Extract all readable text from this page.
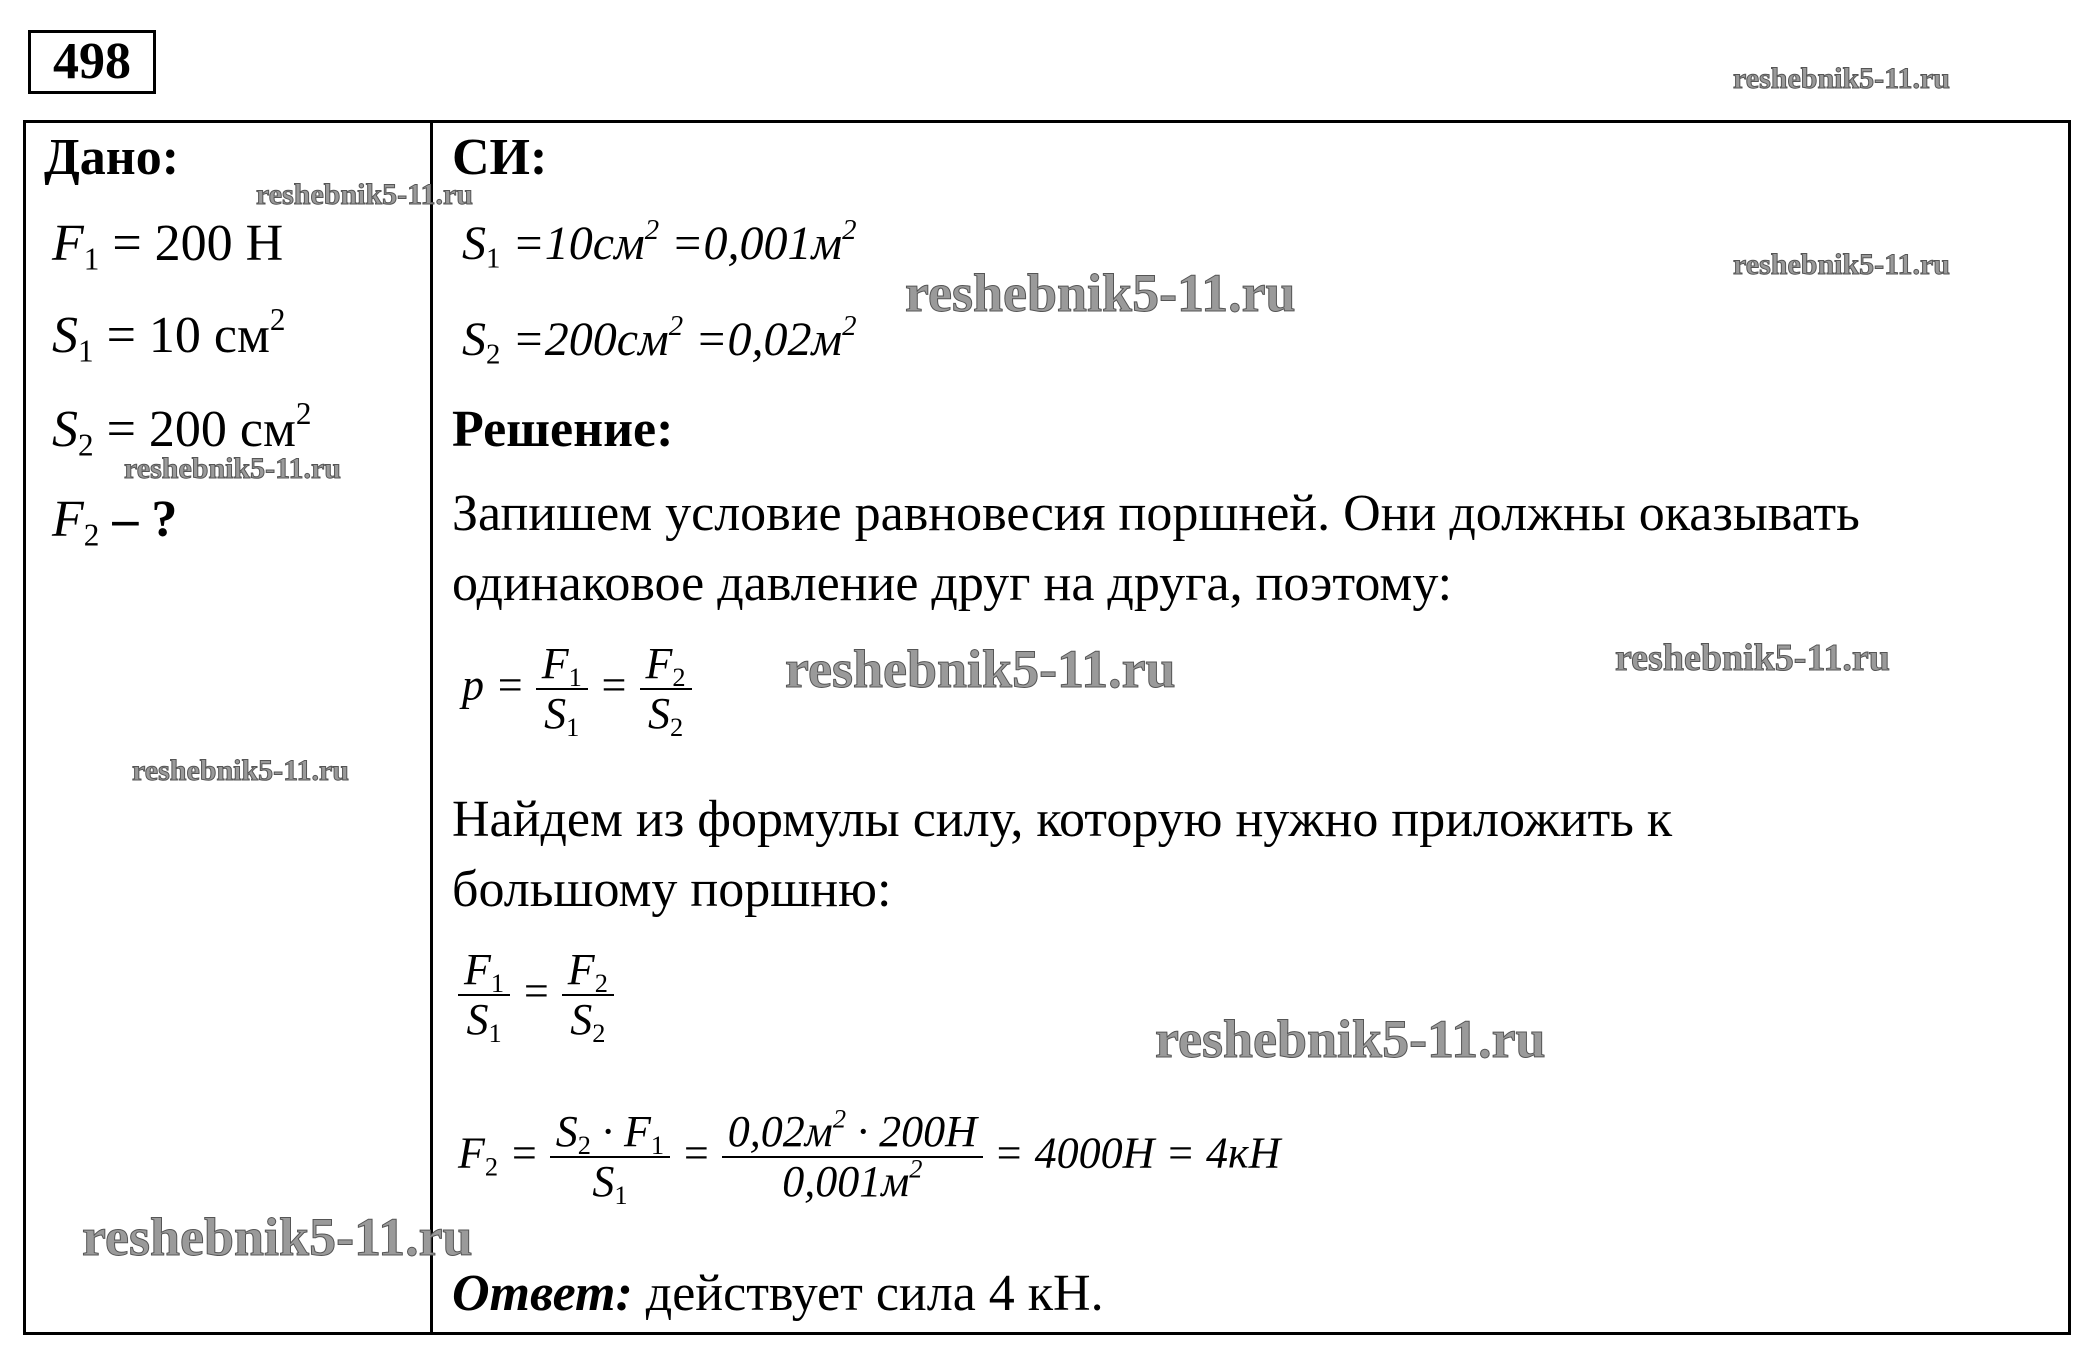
498
Дано:
$F_1 = 200$ Н
$S_1 = 10$ $см^2$
$S_2 = 200$ $см^2$
$F_2$ – ?
СИ:
$S_1 =10см^2 =0,001м^2$
$S_2 =200см^2 =0,02м^2$
Решение:
Запишем условие равновесия поршней. Они должны оказывать
одинаковое давление друг на друга, поэтому:
$p = \frac{F_1}{S_1} = \frac{F_2}{S_2}$
Найдем из формулы силу, которую нужно приложить к
большому поршню:
$\frac{F_1}{S_1} = \frac{F_2}{S_2}$
$F_2 = \frac{S_2 \cdot F_1}{S_1} = \frac{0,02м^2 \cdot 200Н}{0,001м^2} = 4000Н = 4кН$
Ответ: действует сила 4 кН.
reshebnik5-11.ru
reshebnik5-11.ru
reshebnik5-11.ru
reshebnik5-11.ru
reshebnik5-11.ru
reshebnik5-11.ru
reshebnik5-11.ru
reshebnik5-11.ru
reshebnik5-11.ru
reshebnik5-11.ru
